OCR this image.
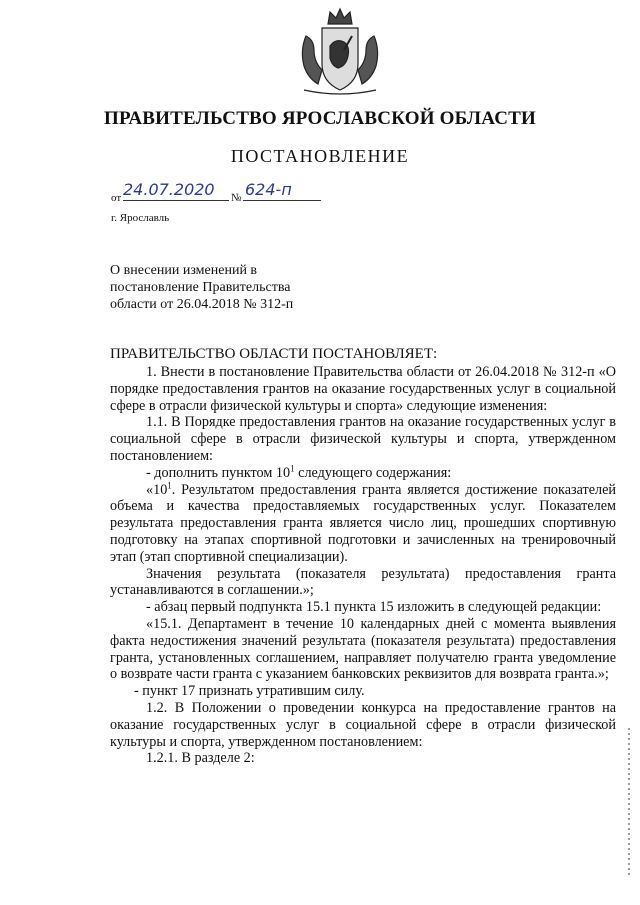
ПРАВИТЕЛЬСТВО ЯРОСЛАВСКОЙ ОБЛАСТИ
ПОСТАНОВЛЕНИЕ
от 24.07.2020 № 624-п
г. Ярославль
О внесении изменений в
постановление Правительства
области от 26.04.2018 № 312-п
ПРАВИТЕЛЬСТВО ОБЛАСТИ ПОСТАНОВЛЯЕТ:

1. Внести в постановление Правительства области от 26.04.2018 № 312-п «О порядке предоставления грантов на оказание государственных услуг в социальной сфере в отрасли физической культуры и спорта» следующие изменения:

1.1. В Порядке предоставления грантов на оказание государственных услуг в социальной сфере в отрасли физической культуры и спорта, утвержденном постановлением:

- дополнить пунктом $10^1$ следующего содержания:

«$10^1$. Результатом предоставления гранта является достижение показателей объема и качества предоставляемых государственных услуг. Показателем результата предоставления гранта является число лиц, прошедших спортивную подготовку на этапах спортивной подготовки и зачисленных на тренировочный этап (этап спортивной специализации).

Значения результата (показателя результата) предоставления гранта устанавливаются в соглашении.»;

- абзац первый подпункта 15.1 пункта 15 изложить в следующей редакции:

«15.1. Департамент в течение 10 календарных дней с момента выявления факта недостижения значений результата (показателя результата) предоставления гранта, установленных соглашением, направляет получателю гранта уведомление о возврате части гранта с указанием банковских реквизитов для возврата гранта.»;

- пункт 17 признать утратившим силу.

1.2. В Положении о проведении конкурса на предоставление грантов на оказание государственных услуг в социальной сфере в отрасли физической культуры и спорта, утвержденном постановлением:

1.2.1. В разделе 2:
